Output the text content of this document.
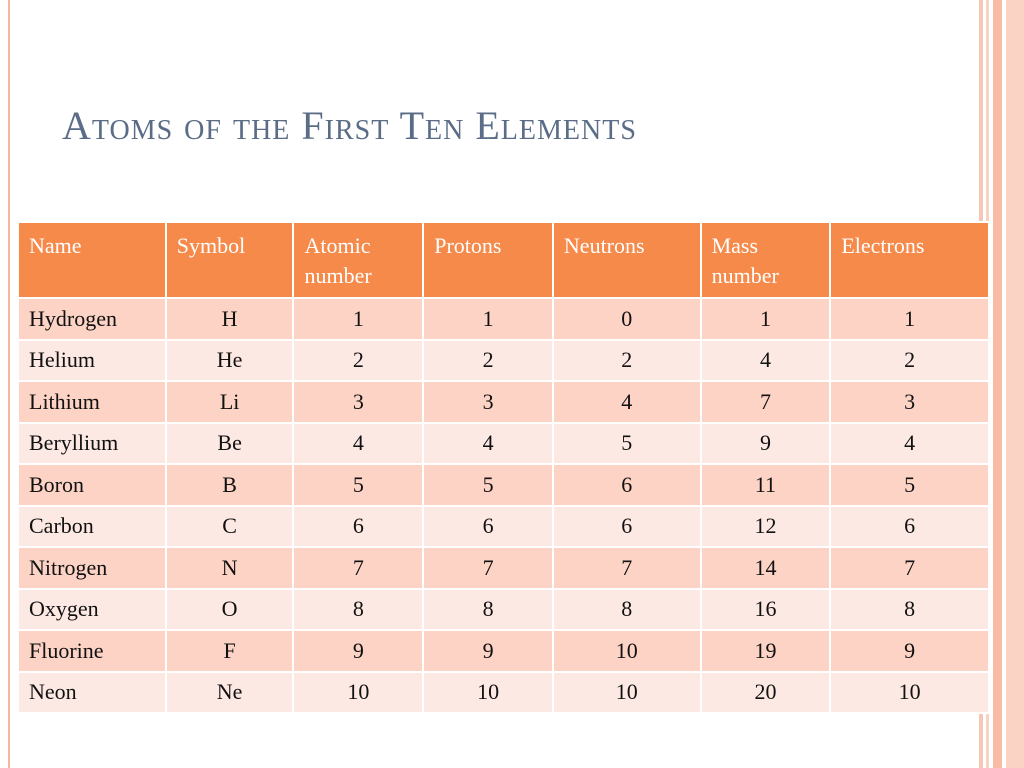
Atoms of the First Ten Elements
Name	Symbol	Atomic number	Protons	Neutrons	Mass number	Electrons
Hydrogen	H	1	1	0	1	1
Helium	He	2	2	2	4	2
Lithium	Li	3	3	4	7	3
Beryllium	Be	4	4	5	9	4
Boron	B	5	5	6	11	5
Carbon	C	6	6	6	12	6
Nitrogen	N	7	7	7	14	7
Oxygen	O	8	8	8	16	8
Fluorine	F	9	9	10	19	9
Neon	Ne	10	10	10	20	10
